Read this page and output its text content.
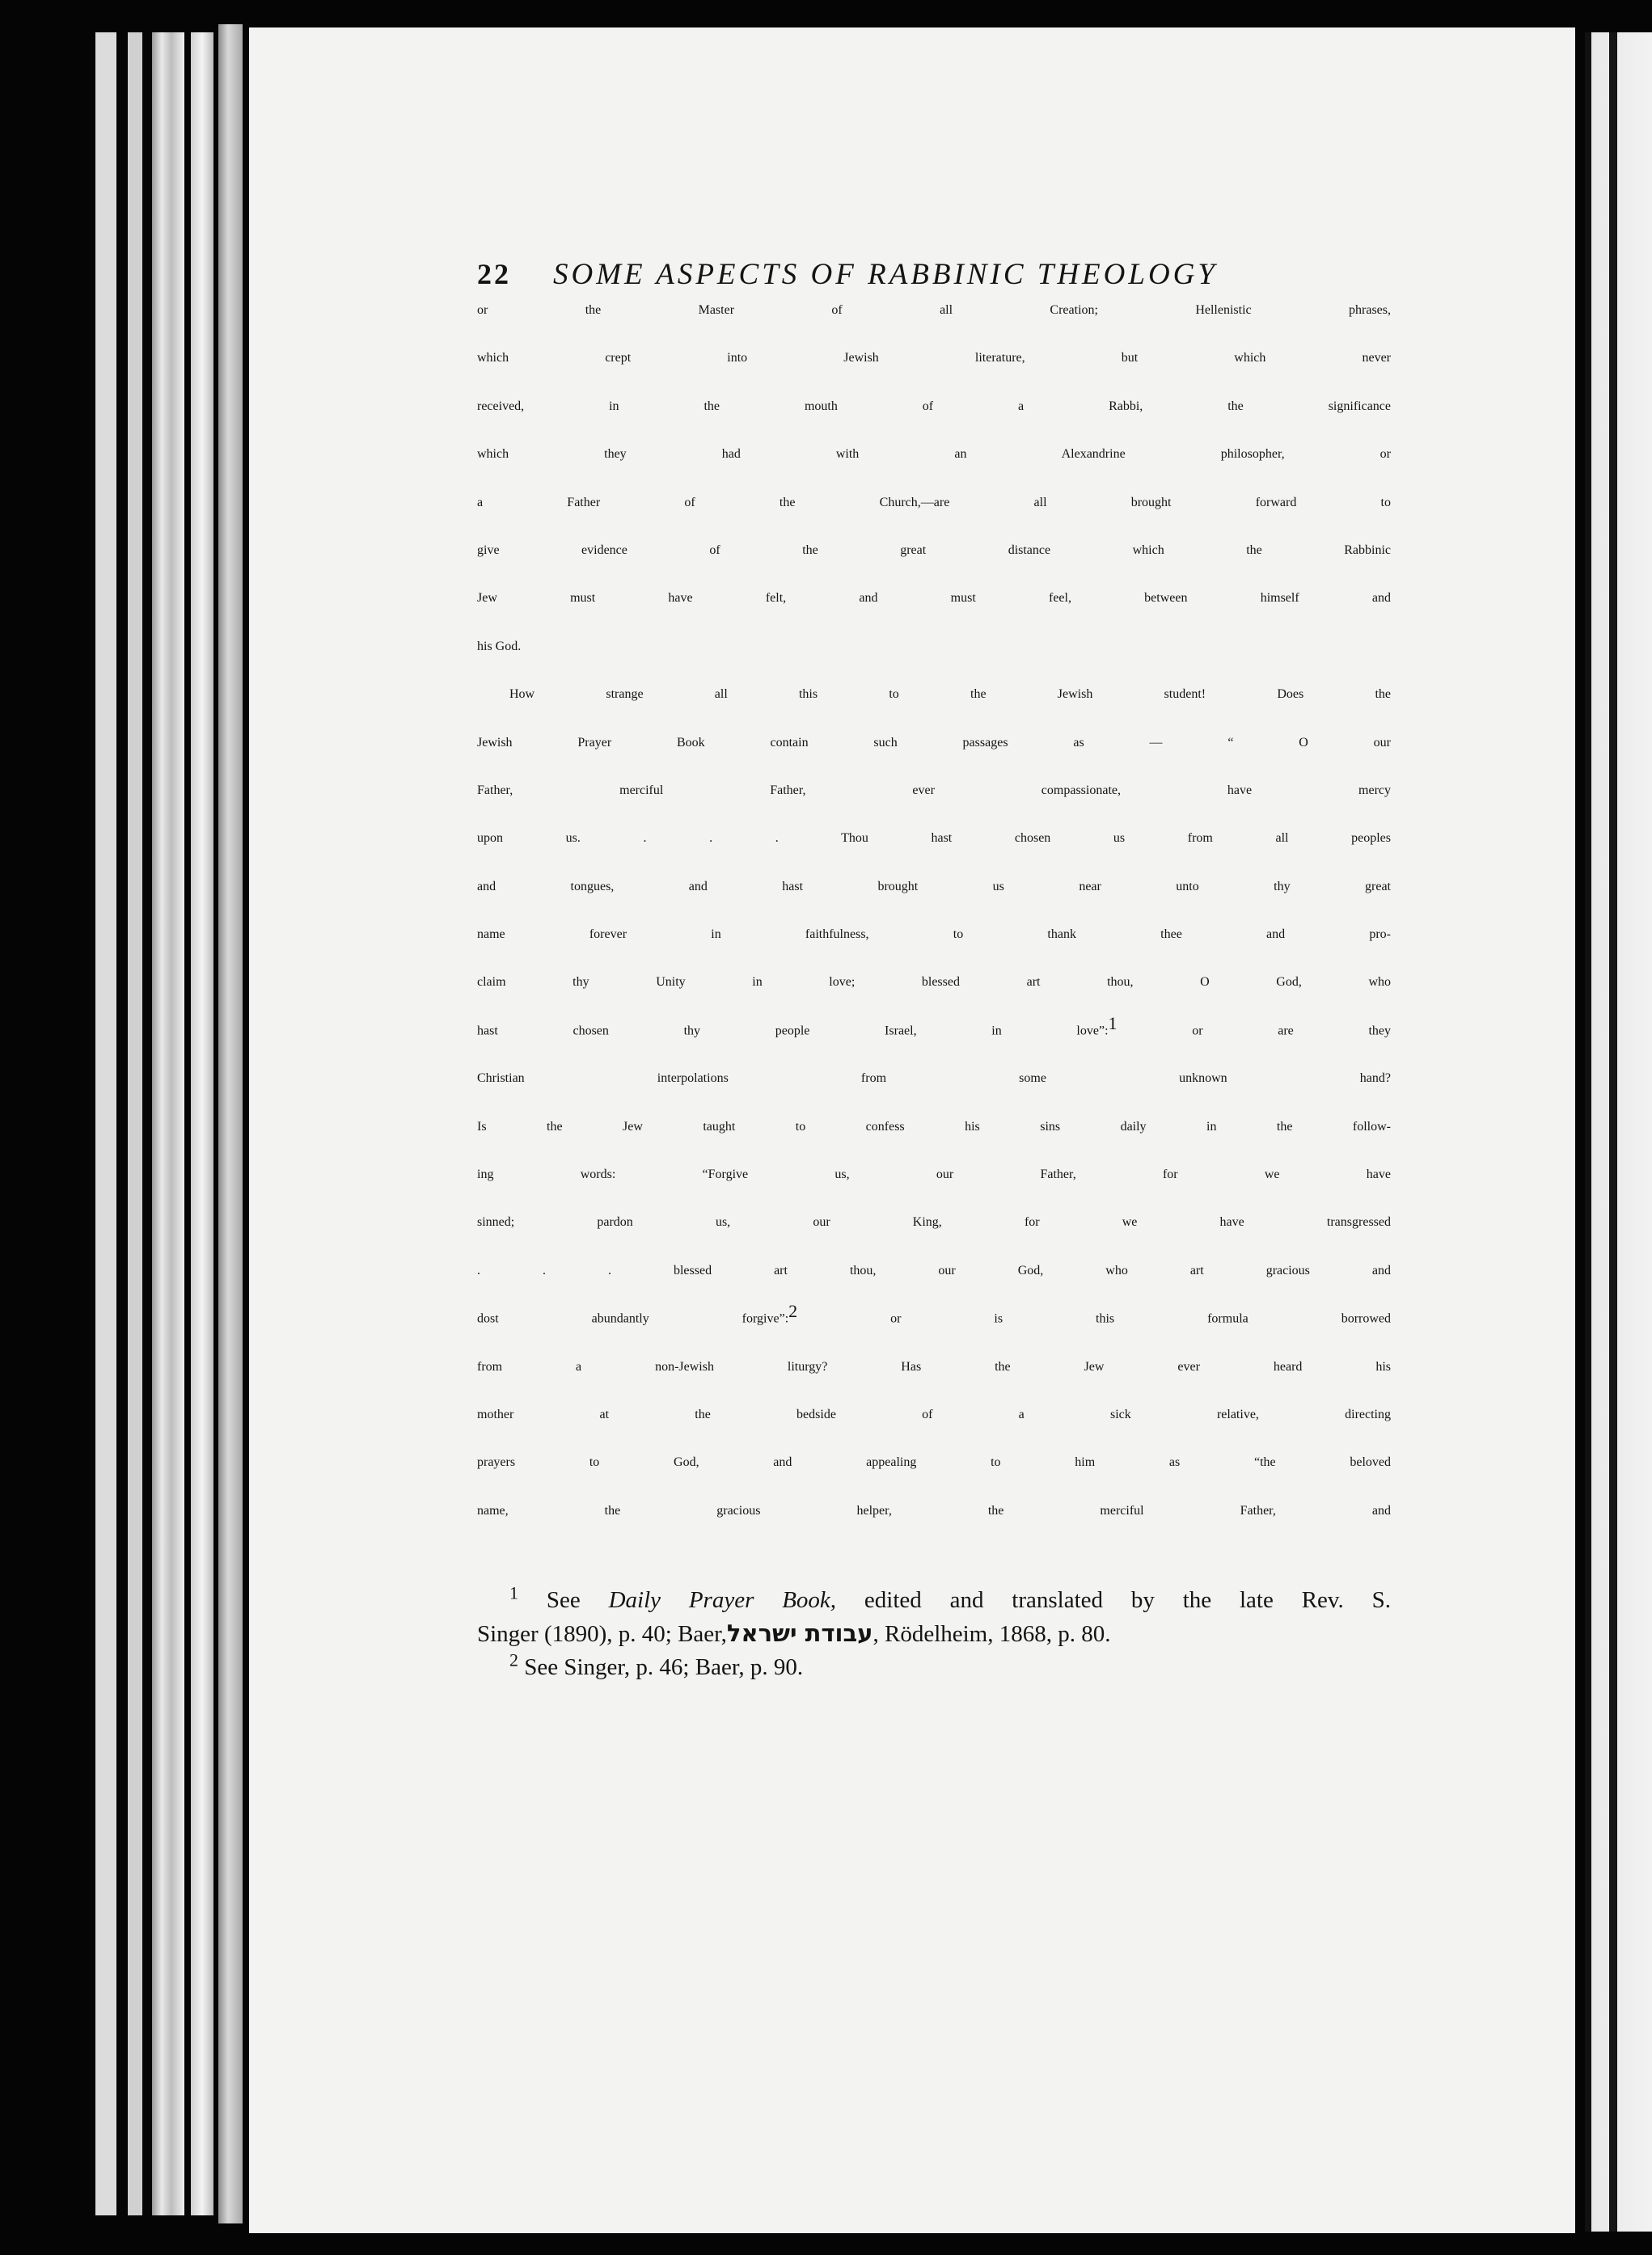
22 SOME ASPECTS OF RABBINIC THEOLOGY
or the Master of all Creation; Hellenistic phrases,
which crept into Jewish literature, but which never
received, in the mouth of a Rabbi, the significance
which they had with an Alexandrine philosopher, or
a Father of the Church,—are all brought forward to
give evidence of the great distance which the Rabbinic
Jew must have felt, and must feel, between himself and
his God.
How strange all this to the Jewish student! Does the
Jewish Prayer Book contain such passages as — “ O our
Father, merciful Father, ever compassionate, have mercy
upon us. . . . Thou hast chosen us from all peoples
and tongues, and hast brought us near unto thy great
name forever in faithfulness, to thank thee and pro-
claim thy Unity in love; blessed art thou, O God, who
hast chosen thy people Israel, in love”:$^1$	or are they
Christian interpolations from some unknown hand?
Is the Jew taught to confess his sins daily in the follow-
ing words: “Forgive us, our Father, for we have
sinned; pardon us, our King, for we have transgressed
. . . blessed art thou, our God, who art gracious and
dost abundantly forgive”:$^2$	or is this formula borrowed
from a non-Jewish liturgy? Has the Jew ever heard his
mother at the bedside of a sick relative, directing
prayers to God, and appealing to him as “the beloved
name, the gracious helper, the merciful Father, and
$^1$ See Daily Prayer Book, edited and translated by the late Rev. S.
Singer (1890), p. 40; Baer,עבודת ישראל, Rödelheim, 1868, p. 80.
$^2$ See Singer, p. 46; Baer, p. 90.
